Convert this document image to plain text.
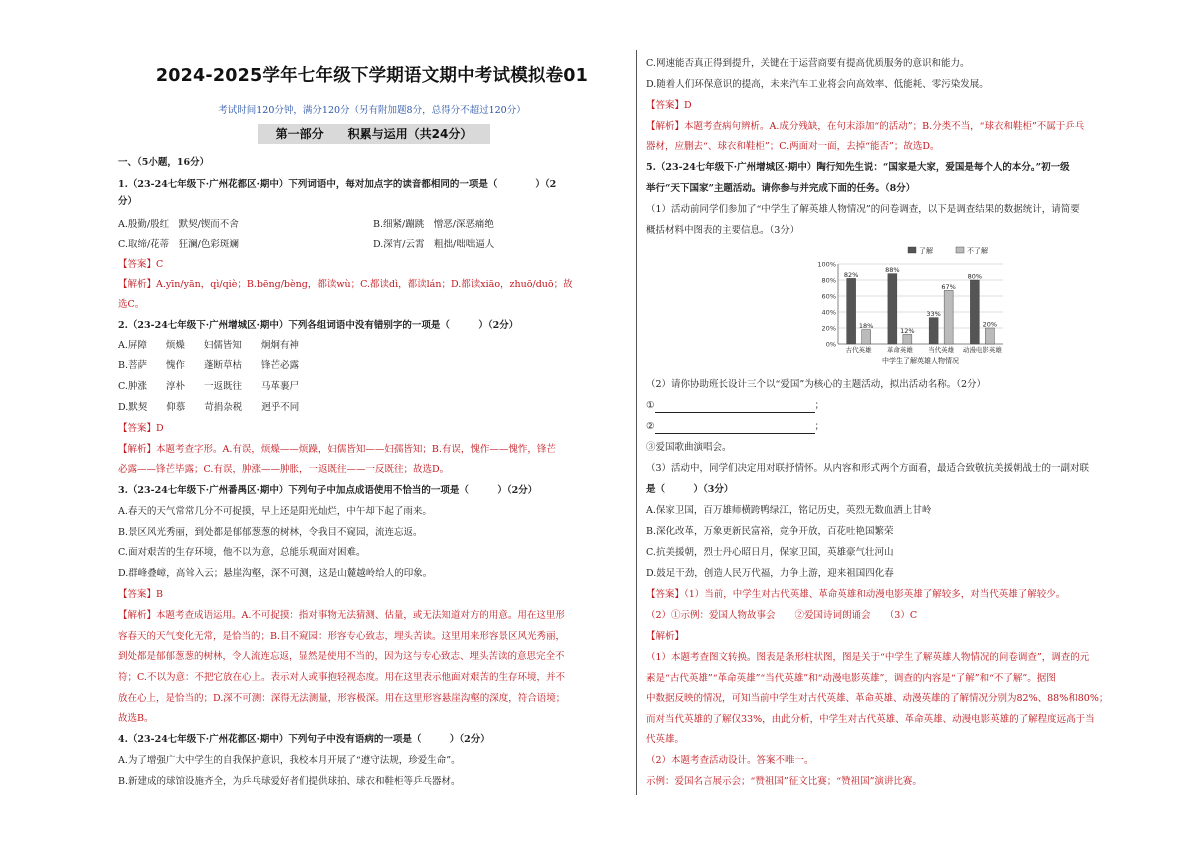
2024-2025学年七年级下学期语文期中考试模拟卷01
考试时间120分钟，满分120分（另有附加题8分，总得分不超过120分）
第一部分　　积累与运用（共24分）
一、（5小题，16分）
1.（23-24七年级下·广州花都区·期中）下列词语中，每对加点字的读音都相同的一项是（　　　　）（2
分）
A.殷勤/殷红　默契/锲而不舍	B.细紧/蹦跳　憎恶/深恶痛绝
C.取缔/花蒂　狂澜/色彩斑斓	D.深宵/云霄　粗拙/咄咄逼人
【答案】C
【解析】A.yīn/yān，qì/qiè；B.bēng/bèng，都读wù；C.都读dì，都读lán；D.都读xiāo，zhuō/duō；故
选C。
2.（23-24七年级下·广州增城区·期中）下列各组词语中没有错别字的一项是（　　　）（2分）
A.屏障　　烦燥　　妇儒皆知　　炯炯有神
B.菩萨　　愧作　　蓬断草枯　　锋芒必露
C.肿涨　　淳朴　　一返既往　　马革裹尸
D.默契　　仰慕　　苛捐杂税　　迥乎不同
【答案】D
【解析】本题考查字形。A.有误，烦燥——烦躁，妇儒皆知——妇孺皆知；B.有误，愧作——愧怍，锋芒
必露——锋芒毕露；C.有误，肿涨——肿胀，一返既往——一反既往；故选D。
3.（23-24七年级下·广州番禺区·期中）下列句子中加点成语使用不恰当的一项是（　　　）（2分）
A.春天的天气常常几分不可捉摸，早上还是阳光灿烂，中午却下起了雨来。
B.景区风光秀丽，到处都是郁郁葱葱的树林，令我目不窥园，流连忘返。
C.面对艰苦的生存环境，他不以为意，总能乐观面对困难。
D.群峰叠嶂，高耸入云；悬崖沟壑，深不可测，这是山麓越岭给人的印象。
【答案】B
【解析】本题考查成语运用。A.不可捉摸：指对事物无法猜测、估量，或无法知道对方的用意。用在这里形
容春天的天气变化无常，是恰当的；B.目不窥园：形容专心致志，埋头苦读。这里用来形容景区风光秀丽，
到处都是郁郁葱葱的树林，令人流连忘返，显然是使用不当的，因为这与专心致志、埋头苦读的意思完全不
符；C.不以为意：不把它放在心上。表示对人或事抱轻视态度。用在这里表示他面对艰苦的生存环境，并不
放在心上，是恰当的；D.深不可测：深得无法测量，形容极深。用在这里形容悬崖沟壑的深度，符合语境；
故选B。
4.（23-24七年级下·广州花都区·期中）下列句子中没有语病的一项是（　　　）（2分）
A.为了增强广大中学生的自我保护意识，我校本月开展了“遵守法规，珍爱生命”。
B.新建成的球馆设施齐全，为乒乓球爱好者们提供球拍、球衣和鞋柜等乒乓器材。
C.网速能否真正得到提升，关键在于运营商要有提高优质服务的意识和能力。
D.随着人们环保意识的提高，未来汽车工业将会向高效率、低能耗、零污染发展。
【答案】D
【解析】本题考查病句辨析。A.成分残缺，在句末添加“的活动”；B.分类不当，“球衣和鞋柜”不属于乒乓
器材，应删去“、球衣和鞋柜”；C.两面对一面，去掉“能否”；故选D。
5.（23-24七年级下·广州增城区·期中）陶行知先生说：“国家是大家，爱国是每个人的本分。”初一级
举行“天下国家”主题活动。请你参与并完成下面的任务。（8分）
（1）活动前同学们参加了“中学生了解英雄人物情况”的问卷调查，以下是调查结果的数据统计，请简要
概括材料中图表的主要信息。（3分）
（2）请你协助班长设计三个以“爱国”为核心的主题活动，拟出活动名称。（2分）
③爱国歌曲演唱会。
（3）活动中，同学们决定用对联抒情怀。从内容和形式两个方面看，最适合致敬抗美援朝战士的一副对联
是（　　　）（3分）
A.保家卫国，百万雄师横跨鸭绿江，铭记历史，英烈无数血洒上甘岭
B.深化改革，万象更新民富裕，竞争开放，百花吐艳国繁荣
C.抗美援朝，烈士丹心昭日月，保家卫国，英雄豪气壮河山
D.鼓足干劲，创造人民万代福，力争上游，迎来祖国四化春
【答案】（1）当前，中学生对古代英雄、革命英雄和动漫电影英雄了解较多，对当代英雄了解较少。
（2）①示例：爱国人物故事会　　②爱国诗词朗诵会　　（3）C
【解析】
（1）本题考查图文转换。图表是条形柱状图，图是关于“中学生了解英雄人物情况的问卷调查”，调查的元
素是“古代英雄”“革命英雄”“当代英雄”和“动漫电影英雄”，调查的内容是“了解”和“不了解”。据图
中数据反映的情况，可知当前中学生对古代英雄、革命英雄、动漫英雄的了解情况分别为82%、88%和80%；
而对当代英雄的了解仅33%，由此分析，中学生对古代英雄、革命英雄、动漫电影英雄的了解程度远高于当
代英雄。
（2）本题考查活动设计。答案不唯一。
示例：爱国名言展示会；“赞祖国”征文比赛；“赞祖国”演讲比赛。
①	；
②	；
0%
20%
40%
60%
80%
100%
82%
18%
古代英雄
88%
12%
革命英雄
33%
67%
当代英雄
80%
20%
动漫电影英雄
中学生了解英雄人物情况
了解	不了解
